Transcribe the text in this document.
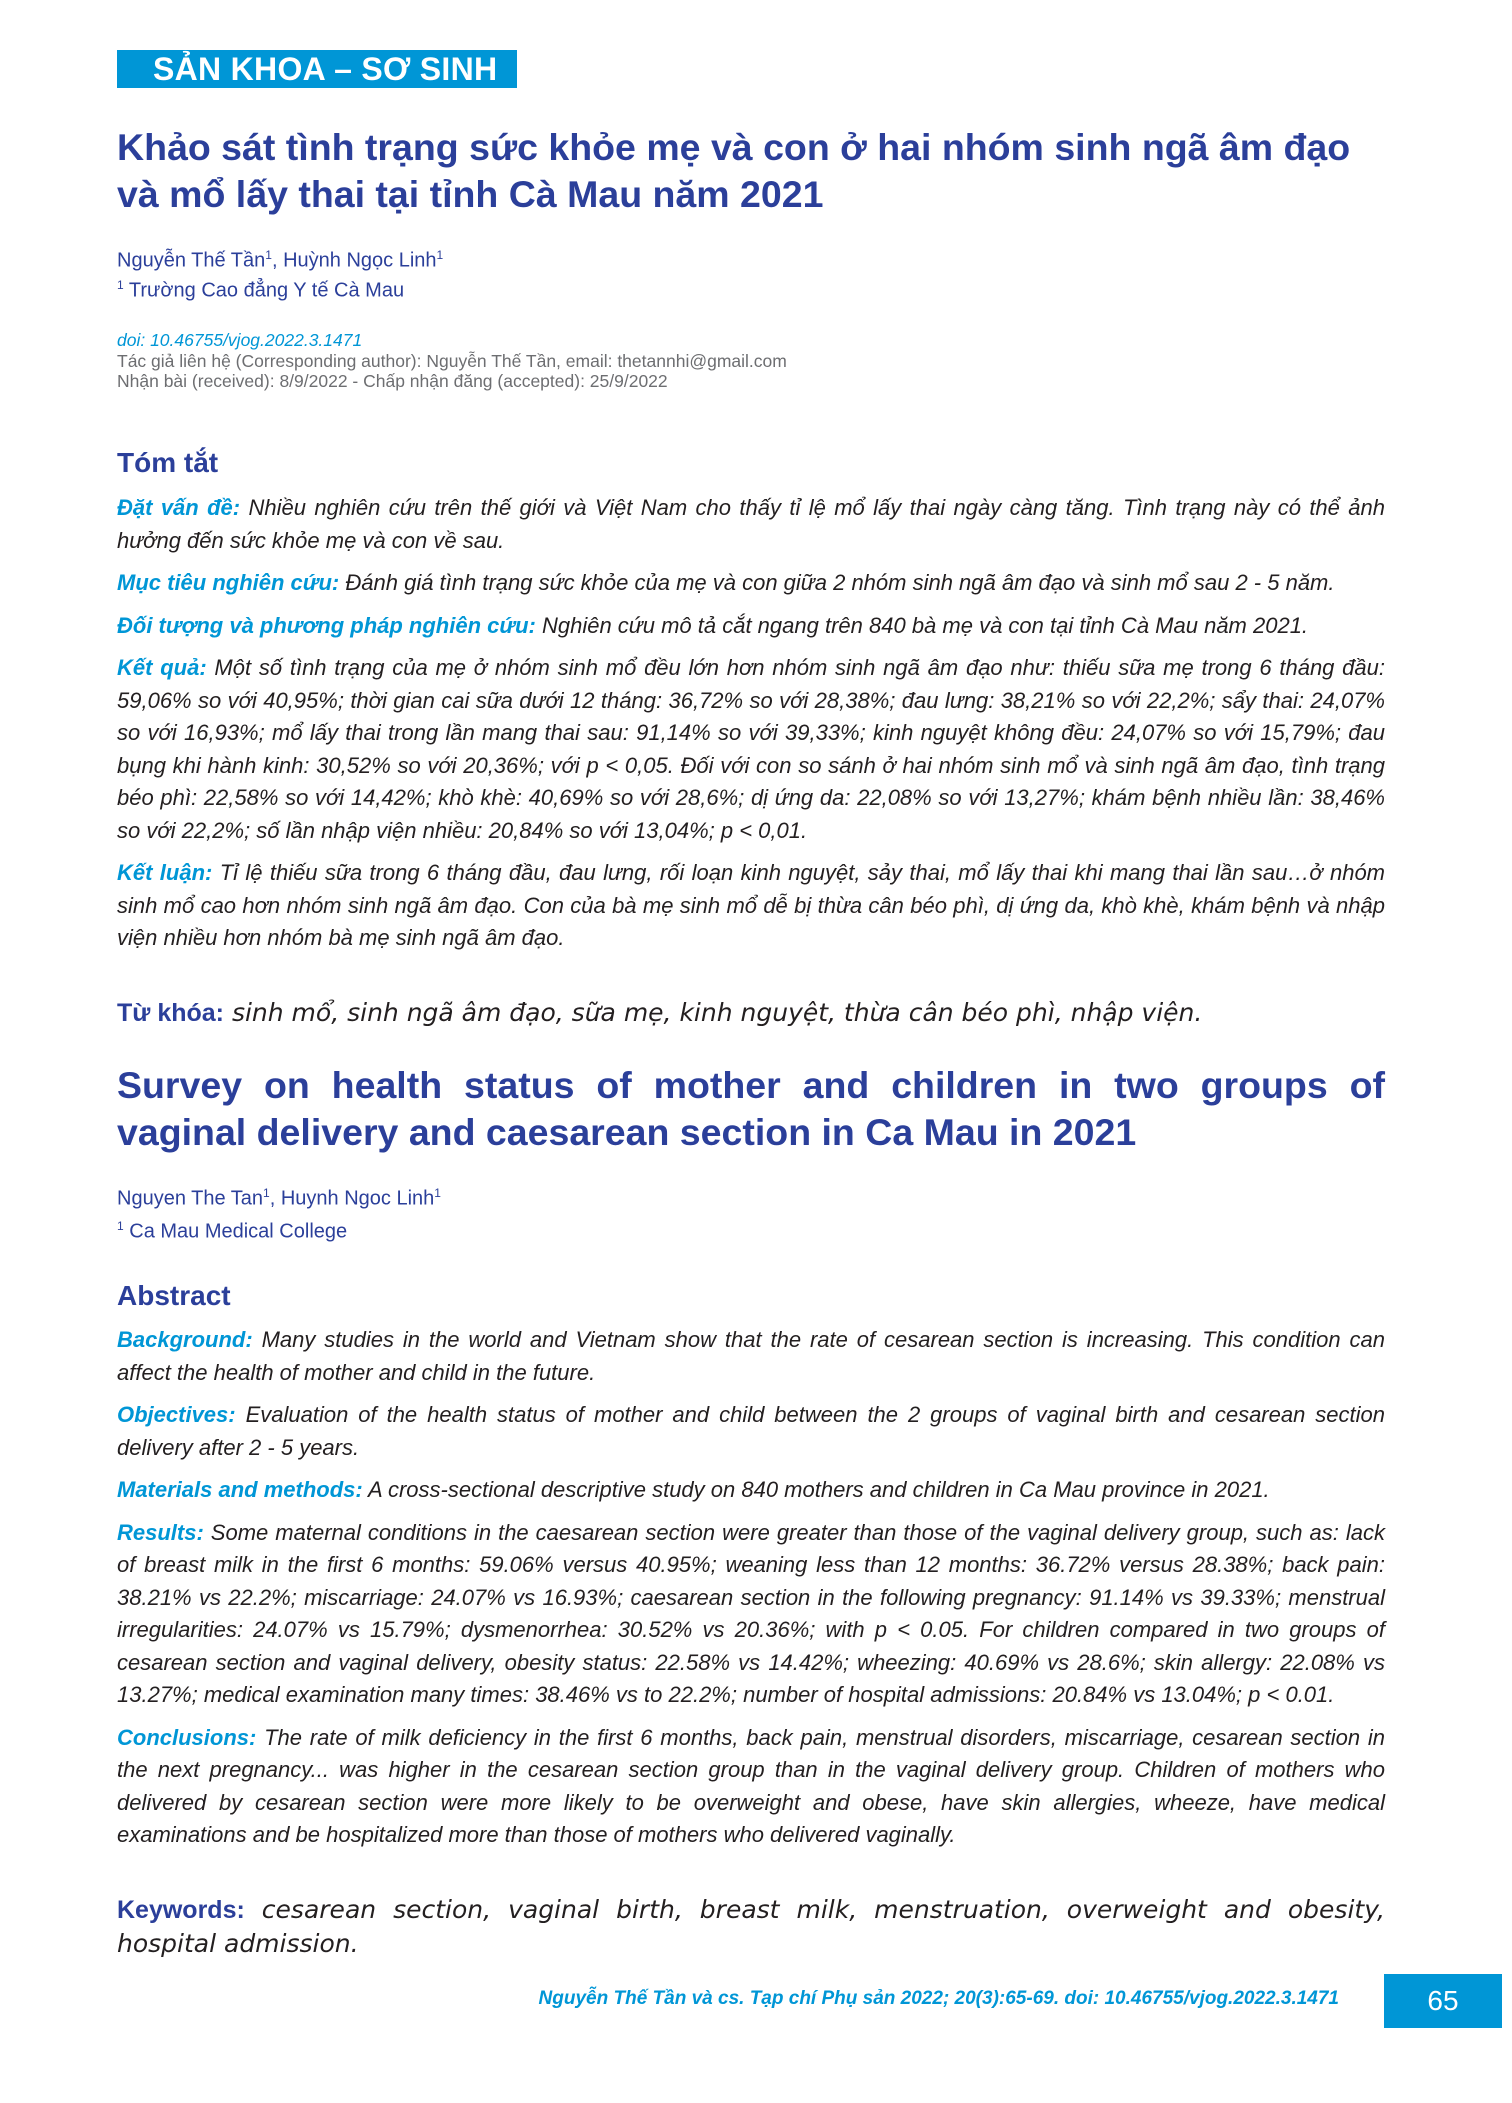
SẢN KHOA – SƠ SINH
Khảo sát tình trạng sức khỏe mẹ và con ở hai nhóm sinh ngã âm đạo và mổ lấy thai tại tỉnh Cà Mau năm 2021
Nguyễn Thế Tần$^1$, Huỳnh Ngọc Linh$^1$
$^1$ Trường Cao đẳng Y tế Cà Mau
doi: 10.46755/vjog.2022.3.1471
Tác giả liên hệ (Corresponding author): Nguyễn Thế Tần, email: thetannhi@gmail.com
Nhận bài (received): 8/9/2022 - Chấp nhận đăng (accepted): 25/9/2022
Tóm tắt

Đặt vấn đề: Nhiều nghiên cứu trên thế giới và Việt Nam cho thấy tỉ lệ mổ lấy thai ngày càng tăng. Tình trạng này có thể ảnh hưởng đến sức khỏe mẹ và con về sau.

Mục tiêu nghiên cứu: Đánh giá tình trạng sức khỏe của mẹ và con giữa 2 nhóm sinh ngã âm đạo và sinh mổ sau 2 - 5 năm.

Đối tượng và phương pháp nghiên cứu: Nghiên cứu mô tả cắt ngang trên 840 bà mẹ và con tại tỉnh Cà Mau năm 2021.

Kết quả: Một số tình trạng của mẹ ở nhóm sinh mổ đều lớn hơn nhóm sinh ngã âm đạo như: thiếu sữa mẹ trong 6 tháng đầu: 59,06% so với 40,95%; thời gian cai sữa dưới 12 tháng: 36,72% so với 28,38%; đau lưng: 38,21% so với 22,2%; sẩy thai: 24,07% so với 16,93%; mổ lấy thai trong lần mang thai sau: 91,14% so với 39,33%; kinh nguyệt không đều: 24,07% so với 15,79%; đau bụng khi hành kinh: 30,52% so với 20,36%; với p < 0,05. Đối với con so sánh ở hai nhóm sinh mổ và sinh ngã âm đạo, tình trạng béo phì: 22,58% so với 14,42%; khò khè: 40,69% so với 28,6%; dị ứng da: 22,08% so với 13,27%; khám bệnh nhiều lần: 38,46% so với 22,2%; số lần nhập viện nhiều: 20,84% so với 13,04%; p < 0,01.

Kết luận: Tỉ lệ thiếu sữa trong 6 tháng đầu, đau lưng, rối loạn kinh nguyệt, sảy thai, mổ lấy thai khi mang thai lần sau…ở nhóm sinh mổ cao hơn nhóm sinh ngã âm đạo. Con của bà mẹ sinh mổ dễ bị thừa cân béo phì, dị ứng da, khò khè, khám bệnh và nhập viện nhiều hơn nhóm bà mẹ sinh ngã âm đạo.

Từ khóa: sinh mổ, sinh ngã âm đạo, sữa mẹ, kinh nguyệt, thừa cân béo phì, nhập viện.
Survey on health status of mother and children in two groups of vaginal delivery and caesarean section in Ca Mau in 2021
Nguyen The Tan$^1$, Huynh Ngoc Linh$^1$
$^1$ Ca Mau Medical College
Abstract

Background: Many studies in the world and Vietnam show that the rate of cesarean section is increasing. This condition can affect the health of mother and child in the future.

Objectives: Evaluation of the health status of mother and child between the 2 groups of vaginal birth and cesarean section delivery after 2 - 5 years.

Materials and methods: A cross-sectional descriptive study on 840 mothers and children in Ca Mau province in 2021.

Results: Some maternal conditions in the caesarean section were greater than those of the vaginal delivery group, such as: lack of breast milk in the first 6 months: 59.06% versus 40.95%; weaning less than 12 months: 36.72% versus 28.38%; back pain: 38.21% vs 22.2%; miscarriage: 24.07% vs 16.93%; caesarean section in the following pregnancy: 91.14% vs 39.33%; menstrual irregularities: 24.07% vs 15.79%; dysmenorrhea: 30.52% vs 20.36%; with p < 0.05. For children compared in two groups of cesarean section and vaginal delivery, obesity status: 22.58% vs 14.42%; wheezing: 40.69% vs 28.6%; skin allergy: 22.08% vs 13.27%; medical examination many times: 38.46% vs to 22.2%; number of hospital admissions: 20.84% vs 13.04%; p < 0.01.

Conclusions: The rate of milk deficiency in the first 6 months, back pain, menstrual disorders, miscarriage, cesarean section in the next pregnancy... was higher in the cesarean section group than in the vaginal delivery group. Children of mothers who delivered by cesarean section were more likely to be overweight and obese, have skin allergies, wheeze, have medical examinations and be hospitalized more than those of mothers who delivered vaginally.

Keywords: cesarean section, vaginal birth, breast milk, menstruation, overweight and obesity, hospital admission.
Nguyễn Thế Tần và cs. Tạp chí Phụ sản 2022; 20(3):65-69. doi: 10.46755/vjog.2022.3.1471	65
